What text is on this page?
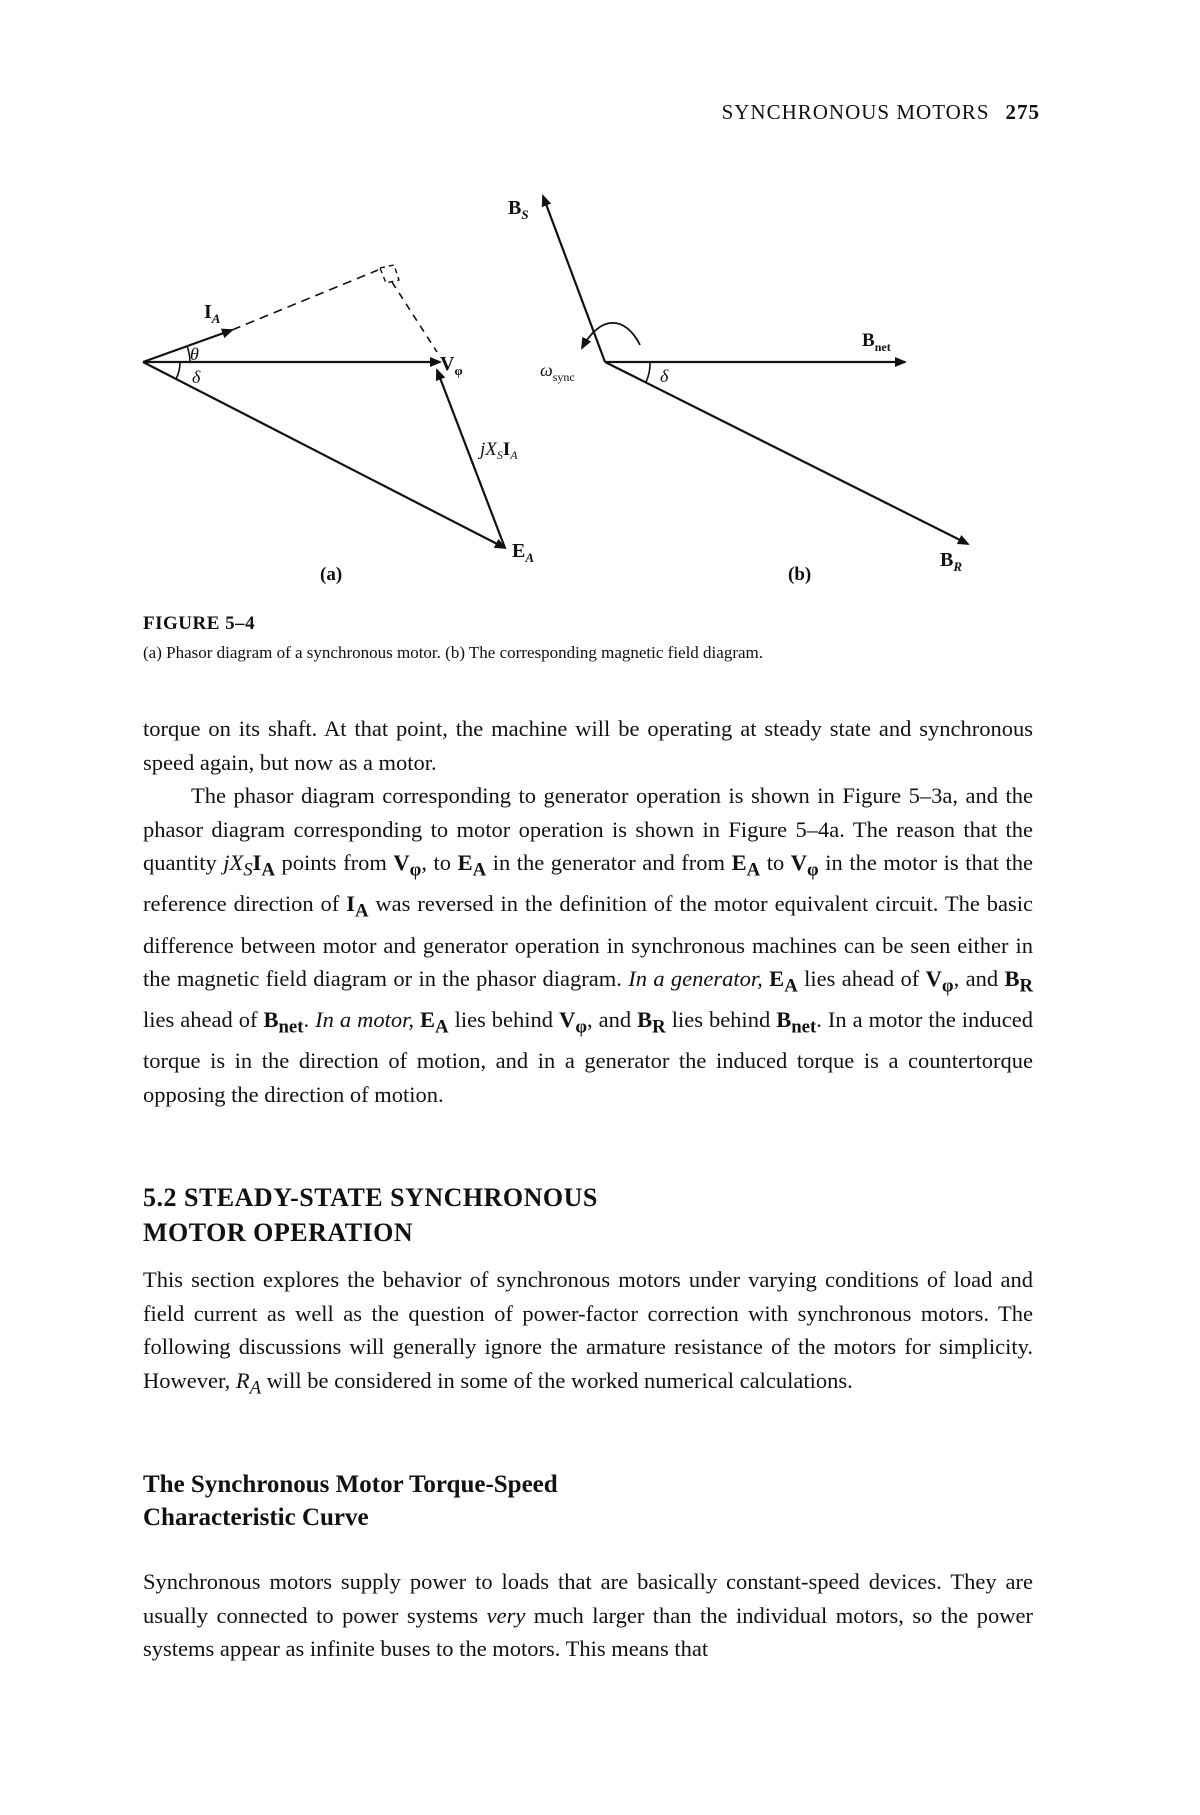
SYNCHRONOUS MOTORS 275
$I_A$
θ
δ
$V_\varphi$
$jX_SI_A$
$E_A$
(a)
$B_S$
$B_{net}$
$B_R$
$\omega_{sync}$	δ
(b)
FIGURE 5–4
(a) Phasor diagram of a synchronous motor. (b) The corresponding magnetic field diagram.

torque on its shaft. At that point, the machine will be operating at steady state and synchronous speed again, but now as a motor.

The phasor diagram corresponding to generator operation is shown in Figure 5–3a, and the phasor diagram corresponding to motor operation is shown in Figure 5–4a. The reason that the quantity $jX_SI_A$ points from $V_\varphi$, to $E_A$ in the generator and from $E_A$ to $V_\varphi$ in the motor is that the reference direction of $I_A$ was reversed in the definition of the motor equivalent circuit. The basic difference between motor and generator operation in synchronous machines can be seen either in the magnetic field diagram or in the phasor diagram. In a generator, $E_A$ lies ahead of $V_\varphi$, and $B_R$ lies ahead of $B_{net}$. In a motor, $E_A$ lies behind $V_\varphi$, and $B_R$ lies behind $B_{net}$. In a motor the induced torque is in the direction of motion, and in a generator the induced torque is a countertorque opposing the direction of motion.

5.2 STEADY-STATE SYNCHRONOUS
MOTOR OPERATION

This section explores the behavior of synchronous motors under varying conditions of load and field current as well as the question of power-factor correction with synchronous motors. The following discussions will generally ignore the armature resistance of the motors for simplicity. However, $R_A$ will be considered in some of the worked numerical calculations.

The Synchronous Motor Torque-Speed
Characteristic Curve

Synchronous motors supply power to loads that are basically constant-speed devices. They are usually connected to power systems very much larger than the individual motors, so the power systems appear as infinite buses to the motors. This means that
